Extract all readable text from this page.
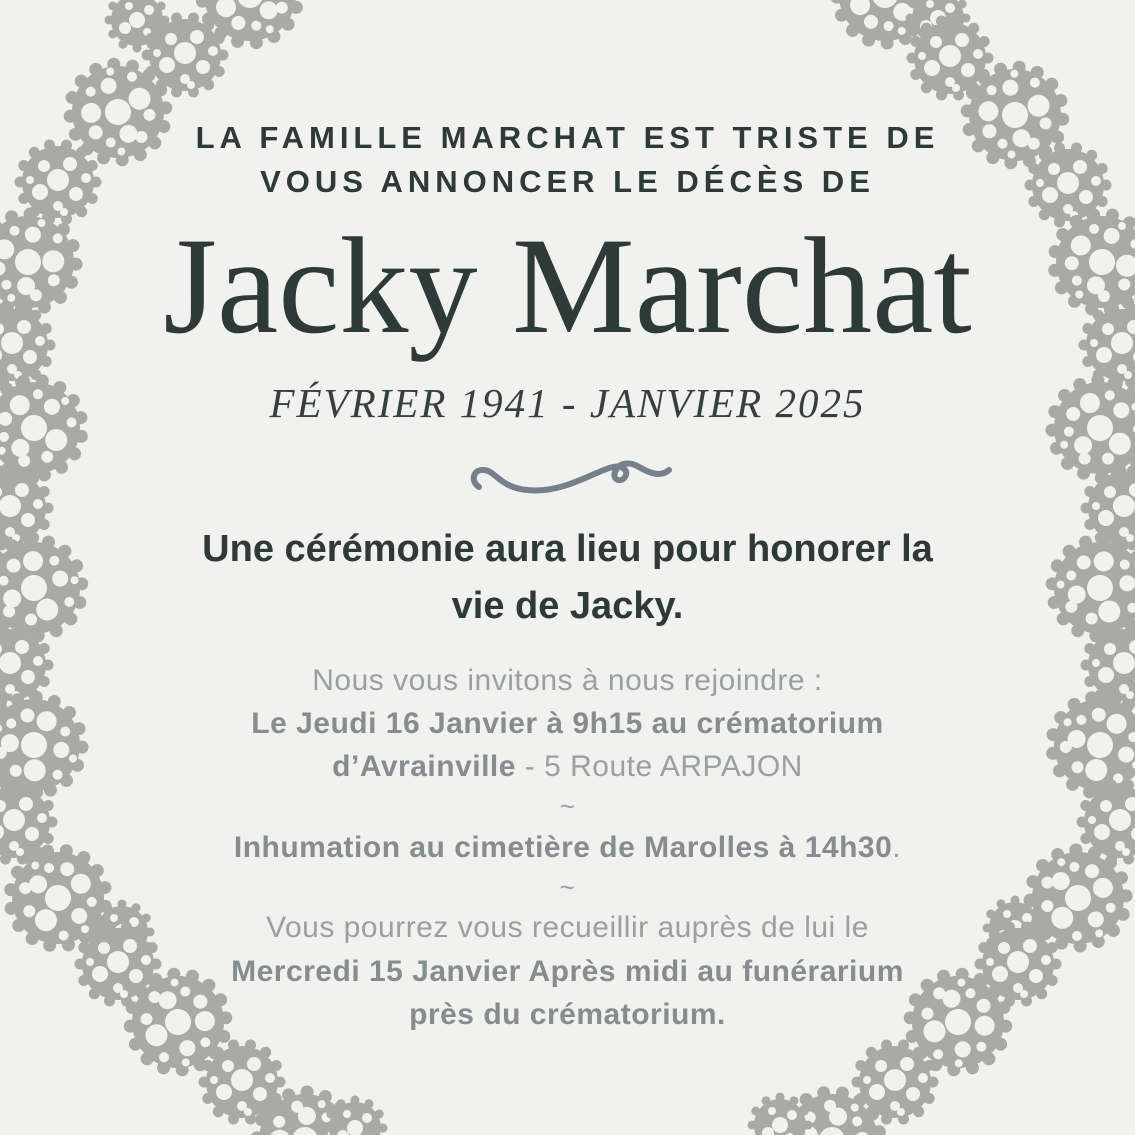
LA FAMILLE MARCHAT EST TRISTE DE
VOUS ANNONCER LE DÉCÈS DE
Jacky Marchat
FÉVRIER 1941 - JANVIER 2025
Une cérémonie aura lieu pour honorer la
vie de Jacky.
Nous vous invitons à nous rejoindre :
Le Jeudi 16 Janvier à 9h15 au crématorium
d’Avrainville - 5 Route ARPAJON
~
Inhumation au cimetière de Marolles à 14h30.
~
Vous pourrez vous recueillir auprès de lui le
Mercredi 15 Janvier Après midi au funérarium
près du crématorium.
